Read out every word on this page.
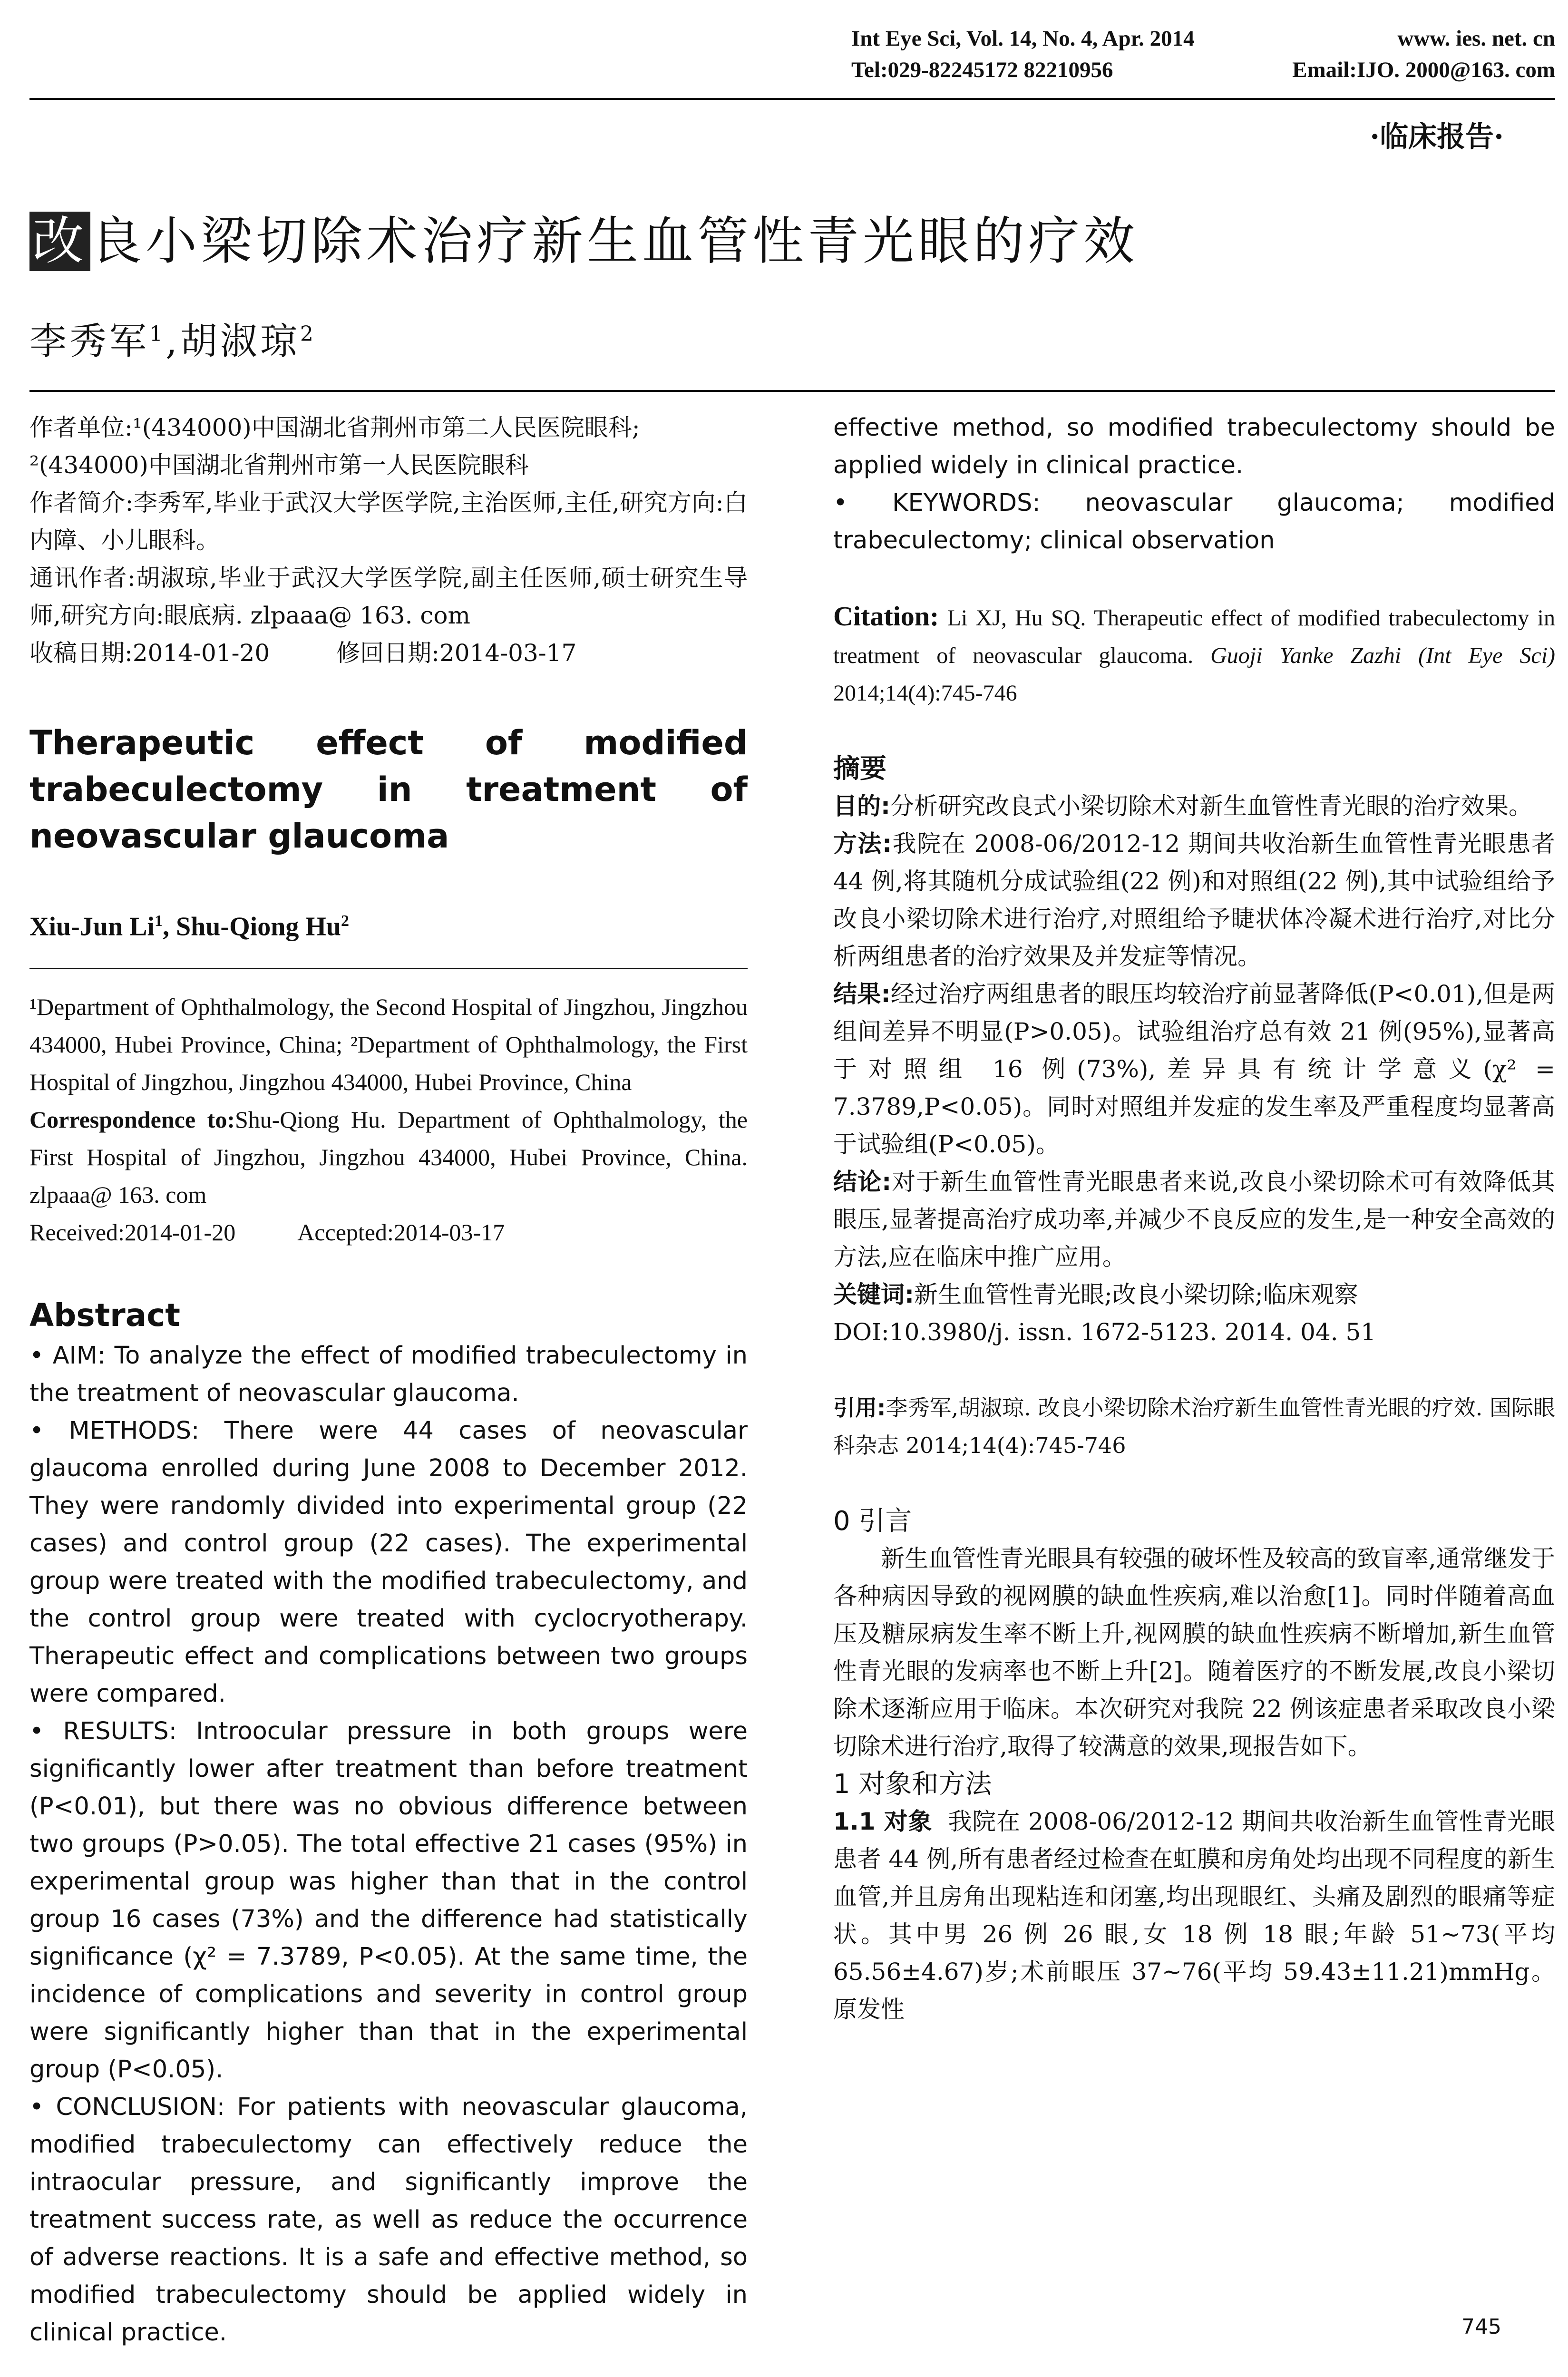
Int Eye Sci, Vol. 14, No. 4, Apr. 2014	www. ies. net. cn
Tel:029-82245172 82210956	Email:IJO. 2000@163. com
·临床报告·
改良小梁切除术治疗新生血管性青光眼的疗效
李秀军$^1$,胡淑琼$^2$

作者单位:¹(434000)中国湖北省荆州市第二人民医院眼科;

²(434000)中国湖北省荆州市第一人民医院眼科

作者简介:李秀军,毕业于武汉大学医学院,主治医师,主任,研究方向:白内障、小儿眼科。

通讯作者:胡淑琼,毕业于武汉大学医学院,副主任医师,硕士研究生导师,研究方向:眼底病. zlpaaa@ 163. com

收稿日期:2014-01-20	修回日期:2014-03-17

Therapeutic effect of modified trabeculectomy in treatment of neovascular glaucoma
Xiu-Jun Li$^1$, Shu-Qiong Hu$^2$

¹Department of Ophthalmology, the Second Hospital of Jingzhou, Jingzhou 434000, Hubei Province, China; ²Department of Ophthalmology, the First Hospital of Jingzhou, Jingzhou 434000, Hubei Province, China

Correspondence to:Shu-Qiong Hu. Department of Ophthalmology, the First Hospital of Jingzhou, Jingzhou 434000, Hubei Province, China. zlpaaa@ 163. com

Received:2014-01-20	Accepted:2014-03-17

Abstract

• AIM: To analyze the effect of modified trabeculectomy in the treatment of neovascular glaucoma.

• METHODS: There were 44 cases of neovascular glaucoma enrolled during June 2008 to December 2012. They were randomly divided into experimental group (22 cases) and control group (22 cases). The experimental group were treated with the modified trabeculectomy, and the control group were treated with cyclocryotherapy. Therapeutic effect and complications between two groups were compared.

• RESULTS: Introocular pressure in both groups were significantly lower after treatment than before treatment (P<0.01), but there was no obvious difference between two groups (P>0.05). The total effective 21 cases (95%) in experimental group was higher than that in the control group 16 cases (73%) and the difference had statistically significance (χ² = 7.3789, P<0.05). At the same time, the incidence of complications and severity in control group were significantly higher than that in the experimental group (P<0.05).

• CONCLUSION: For patients with neovascular glaucoma, modified trabeculectomy can effectively reduce the intraocular pressure, and significantly improve the treatment success rate, as well as reduce the occurrence of adverse reactions. It is a safe and effective method, so modified trabeculectomy should be applied widely in clinical practice.

effective method, so modified trabeculectomy should be applied widely in clinical practice.

• KEYWORDS: neovascular glaucoma; modified trabeculectomy; clinical observation

Citation: Li XJ, Hu SQ. Therapeutic effect of modified trabeculectomy in treatment of neovascular glaucoma. Guoji Yanke Zazhi (Int Eye Sci) 2014;14(4):745-746

摘要

目的:分析研究改良式小梁切除术对新生血管性青光眼的治疗效果。

方法:我院在 2008-06/2012-12 期间共收治新生血管性青光眼患者 44 例,将其随机分成试验组(22 例)和对照组(22 例),其中试验组给予改良小梁切除术进行治疗,对照组给予睫状体冷凝术进行治疗,对比分析两组患者的治疗效果及并发症等情况。

结果:经过治疗两组患者的眼压均较治疗前显著降低(P<0.01),但是两组间差异不明显(P>0.05)。试验组治疗总有效 21 例(95%),显著高于对照组 16 例(73%),差异具有统计学意义(χ² = 7.3789,P<0.05)。同时对照组并发症的发生率及严重程度均显著高于试验组(P<0.05)。

结论:对于新生血管性青光眼患者来说,改良小梁切除术可有效降低其眼压,显著提高治疗成功率,并减少不良反应的发生,是一种安全高效的方法,应在临床中推广应用。

关键词:新生血管性青光眼;改良小梁切除;临床观察

DOI:10.3980/j. issn. 1672-5123. 2014. 04. 51

引用:李秀军,胡淑琼. 改良小梁切除术治疗新生血管性青光眼的疗效. 国际眼科杂志 2014;14(4):745-746

0 引言

新生血管性青光眼具有较强的破坏性及较高的致盲率,通常继发于各种病因导致的视网膜的缺血性疾病,难以治愈[1]。同时伴随着高血压及糖尿病发生率不断上升,视网膜的缺血性疾病不断增加,新生血管性青光眼的发病率也不断上升[2]。随着医疗的不断发展,改良小梁切除术逐渐应用于临床。本次研究对我院 22 例该症患者采取改良小梁切除术进行治疗,取得了较满意的效果,现报告如下。

1 对象和方法

1.1 对象 我院在 2008-06/2012-12 期间共收治新生血管性青光眼患者 44 例,所有患者经过检查在虹膜和房角处均出现不同程度的新生血管,并且房角出现粘连和闭塞,均出现眼红、头痛及剧烈的眼痛等症状。其中男 26 例 26 眼,女 18 例 18 眼;年龄 51~73(平均 65.56±4.67)岁;术前眼压 37~76(平均 59.43±11.21)mmHg。原发性

745
